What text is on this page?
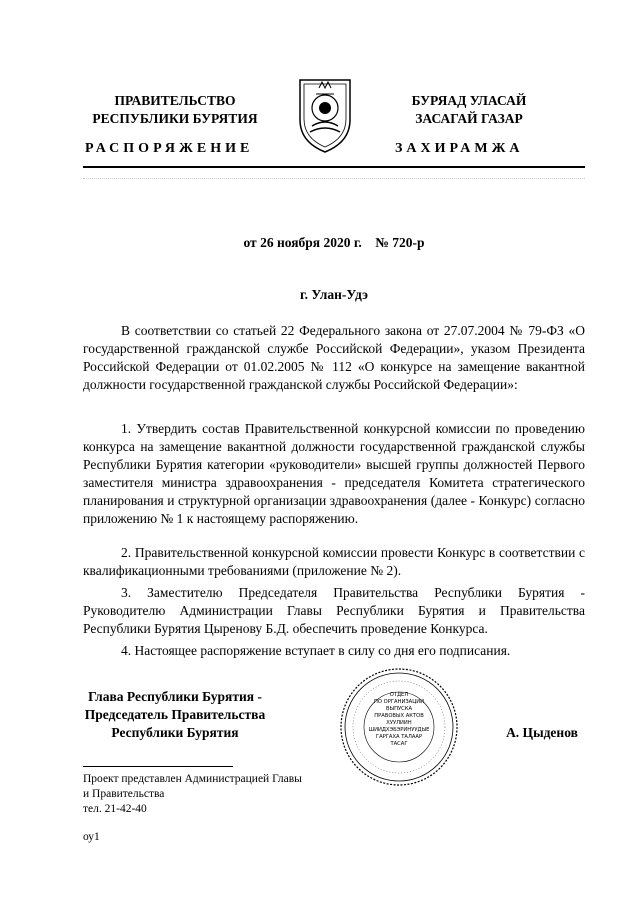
ПРАВИТЕЛЬСТВО
РЕСПУБЛИКИ БУРЯТИЯ
БУРЯАД УЛАСАЙ
ЗАСАГАЙ ГАЗАР
РАСПОРЯЖЕНИЕ	ЗАХИРАМЖА
от 26 ноября 2020 г.    № 720-р
г. Улан-Удэ

В соответствии со статьей 22 Федерального закона от 27.07.2004 № 79-ФЗ «О государственной гражданской службе Российской Федерации», указом Президента Российской Федерации от 01.02.2005 № 112 «О конкурсе на замещение вакантной должности государственной гражданской службы Российской Федерации»:

1. Утвердить состав Правительственной конкурсной комиссии по проведению конкурса на замещение вакантной должности государственной гражданской службы Республики Бурятия категории «руководители» высшей группы должностей Первого заместителя министра здравоохранения - председателя Комитета стратегического планирования и структурной организации здравоохранения (далее - Конкурс) согласно приложению № 1 к настоящему распоряжению.

2. Правительственной конкурсной комиссии провести Конкурс в соответствии с квалификационными требованиями (приложение № 2).

3. Заместителю Председателя Правительства Республики Бурятия - Руководителю Администрации Главы Республики Бурятия и Правительства Республики Бурятия Цыренову Б.Д. обеспечить проведение Конкурса.

4. Настоящее распоряжение вступает в силу со дня его подписания.

Глава Республики Бурятия -
Председатель Правительства
Республики Бурятия
ОТДЕЛ
ПО ОРГАНИЗАЦИИ
ВЫПУСКА
ПРАВОВЫХ АКТОВ
ХУУЛИИН
ШИИДХЭБЭРИНУУДЫЕ
ГАРГАХА ТАЛААР
ТАСАГ
А. Цыденов
Проект представлен Администрацией Главы
и Правительства
тел. 21-42-40
оу1
